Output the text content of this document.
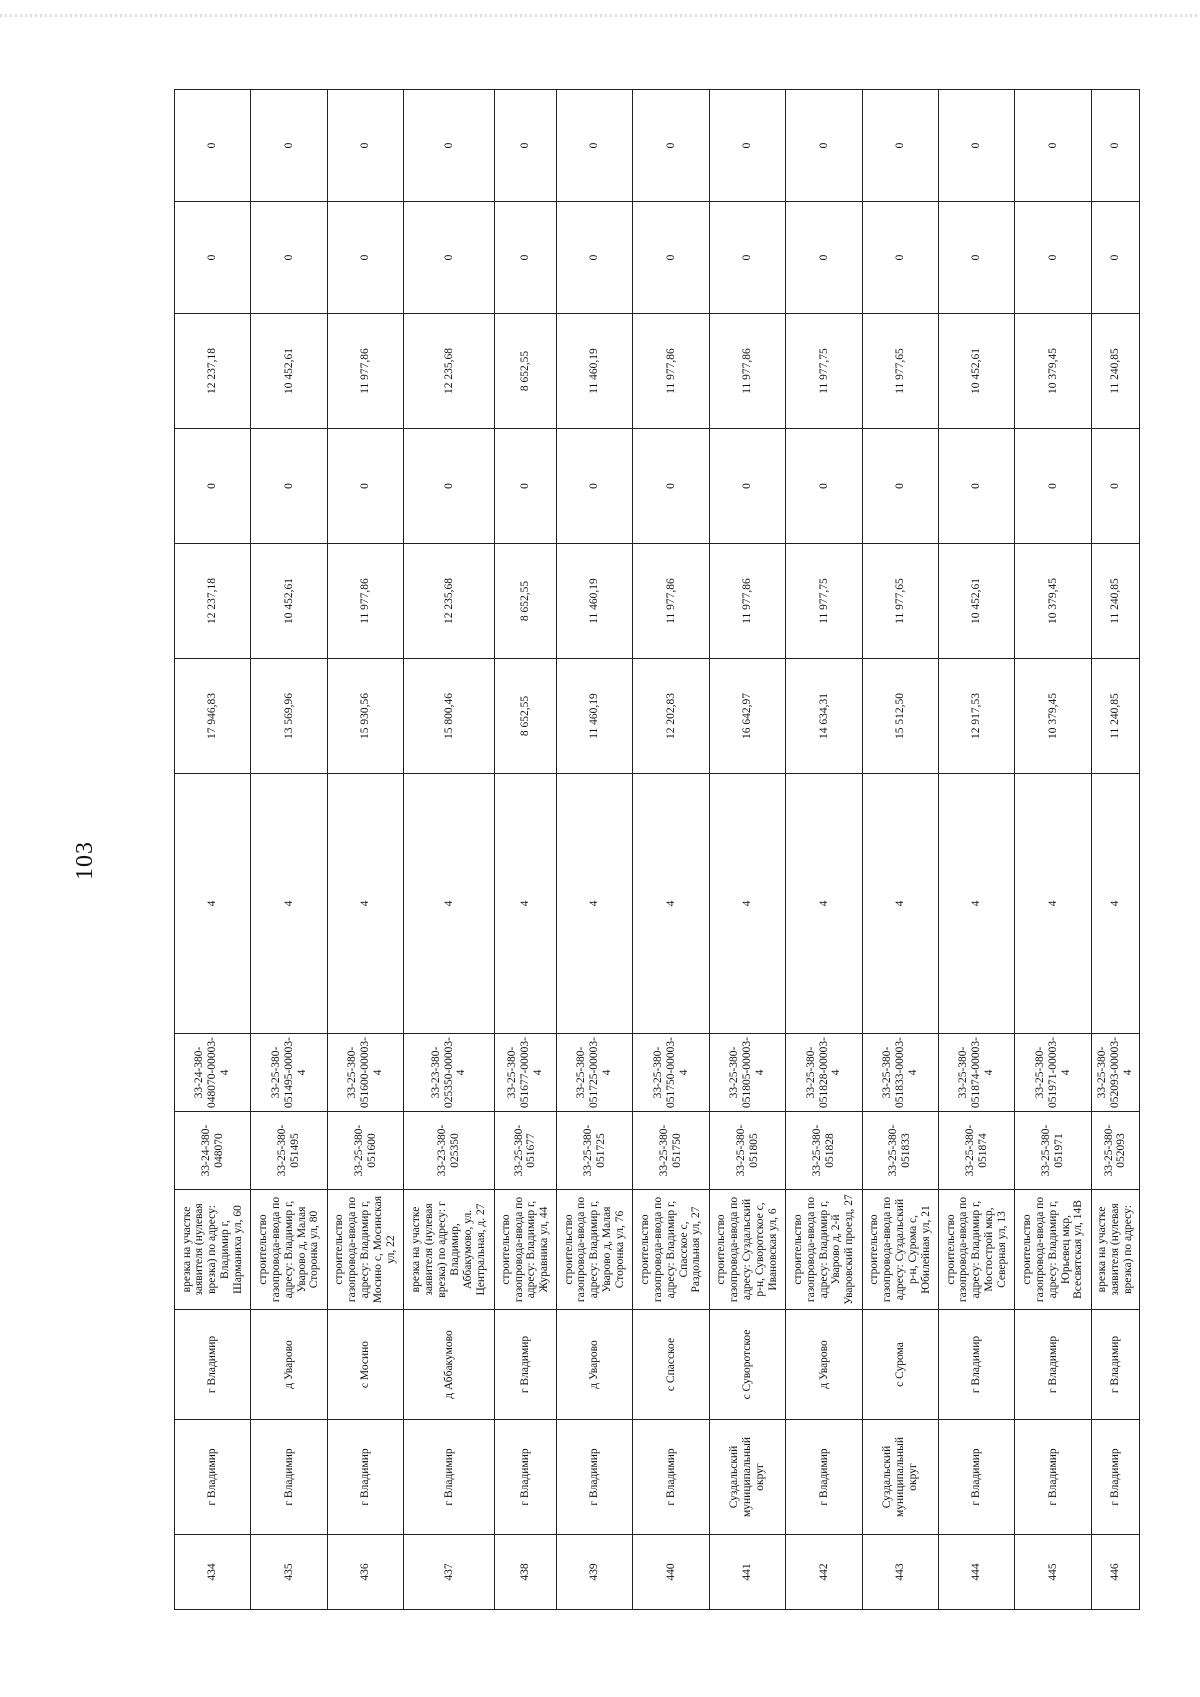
103
434	г Владимир	г Владимир	врезка на участке заявителя (нулевая врезка) по адресу: Владимир г, Шарманиха ул, 60	33-24-380-048070	33-24-380-048070-00003-4	4	17 946,83	12 237,18	0	12 237,18	0	0
435	г Владимир	д Уварово	строительство газопровода-ввода по адресу: Владимир г, Уварово д, Малая Сторонка ул, 80	33-25-380-051495	33-25-380-051495-00003-4	4	13 569,96	10 452,61	0	10 452,61	0	0
436	г Владимир	с Мосино	строительство газопровода-ввода по адресу: Владимир г, Мосино с, Мосинская ул, 22	33-25-380-051600	33-25-380-051600-00003-4	4	15 930,56	11 977,86	0	11 977,86	0	0
437	г Владимир	д Аббакумово	врезка на участке заявителя (нулевая врезка) по адресу: г Владимир, Аббакумово, ул. Центральная, д. 27	33-23-380-025350	33-23-380-025350-00003-4	4	15 800,46	12 235,68	0	12 235,68	0	0
438	г Владимир	г Владимир	строительство газопровода-ввода по адресу: Владимир г, Журавника ул, 44	33-25-380-051677	33-25-380-051677-00003-4	4	8 652,55	8 652,55	0	8 652,55	0	0
439	г Владимир	д Уварово	строительство газопровода-ввода по адресу: Владимир г, Уварово д, Малая Сторонка ул, 76	33-25-380-051725	33-25-380-051725-00003-4	4	11 460,19	11 460,19	0	11 460,19	0	0
440	г Владимир	с Спасское	строительство газопровода-ввода по адресу: Владимир г, Спасское с, Раздольная ул, 27	33-25-380-051750	33-25-380-051750-00003-4	4	12 202,83	11 977,86	0	11 977,86	0	0
441	Суздальский муниципальный округ	с Суворотское	строительство газопровода-ввода по адресу: Суздальский р-н, Суворотское с, Ивановская ул, 6	33-25-380-051805	33-25-380-051805-00003-4	4	16 642,97	11 977,86	0	11 977,86	0	0
442	г Владимир	д Уварово	строительство газопровода-ввода по адресу: Владимир г, Уварово д, 2-й Уваровский проезд, 27	33-25-380-051828	33-25-380-051828-00003-4	4	14 634,31	11 977,75	0	11 977,75	0	0
443	Суздальский муниципальный округ	с Сурома	строительство газопровода-ввода по адресу: Суздальский р-н, Сурома с, Юбилейная ул, 21	33-25-380-051833	33-25-380-051833-00003-4	4	15 512,50	11 977,65	0	11 977,65	0	0
444	г Владимир	г Владимир	строительство газопровода-ввода по адресу: Владимир г, Мостострой мкр, Северная ул, 13	33-25-380-051874	33-25-380-051874-00003-4	4	12 917,53	10 452,61	0	10 452,61	0	0
445	г Владимир	г Владимир	строительство газопровода-ввода по адресу: Владимир г, Юрьевец мкр, Всесвятская ул, 14В	33-25-380-051971	33-25-380-051971-00003-4	4	10 379,45	10 379,45	0	10 379,45	0	0
446	г Владимир	г Владимир	врезка на участке заявителя (нулевая врезка) по адресу:	33-25-380-052093	33-25-380-052093-00003-4	4	11 240,85	11 240,85	0	11 240,85	0	0
